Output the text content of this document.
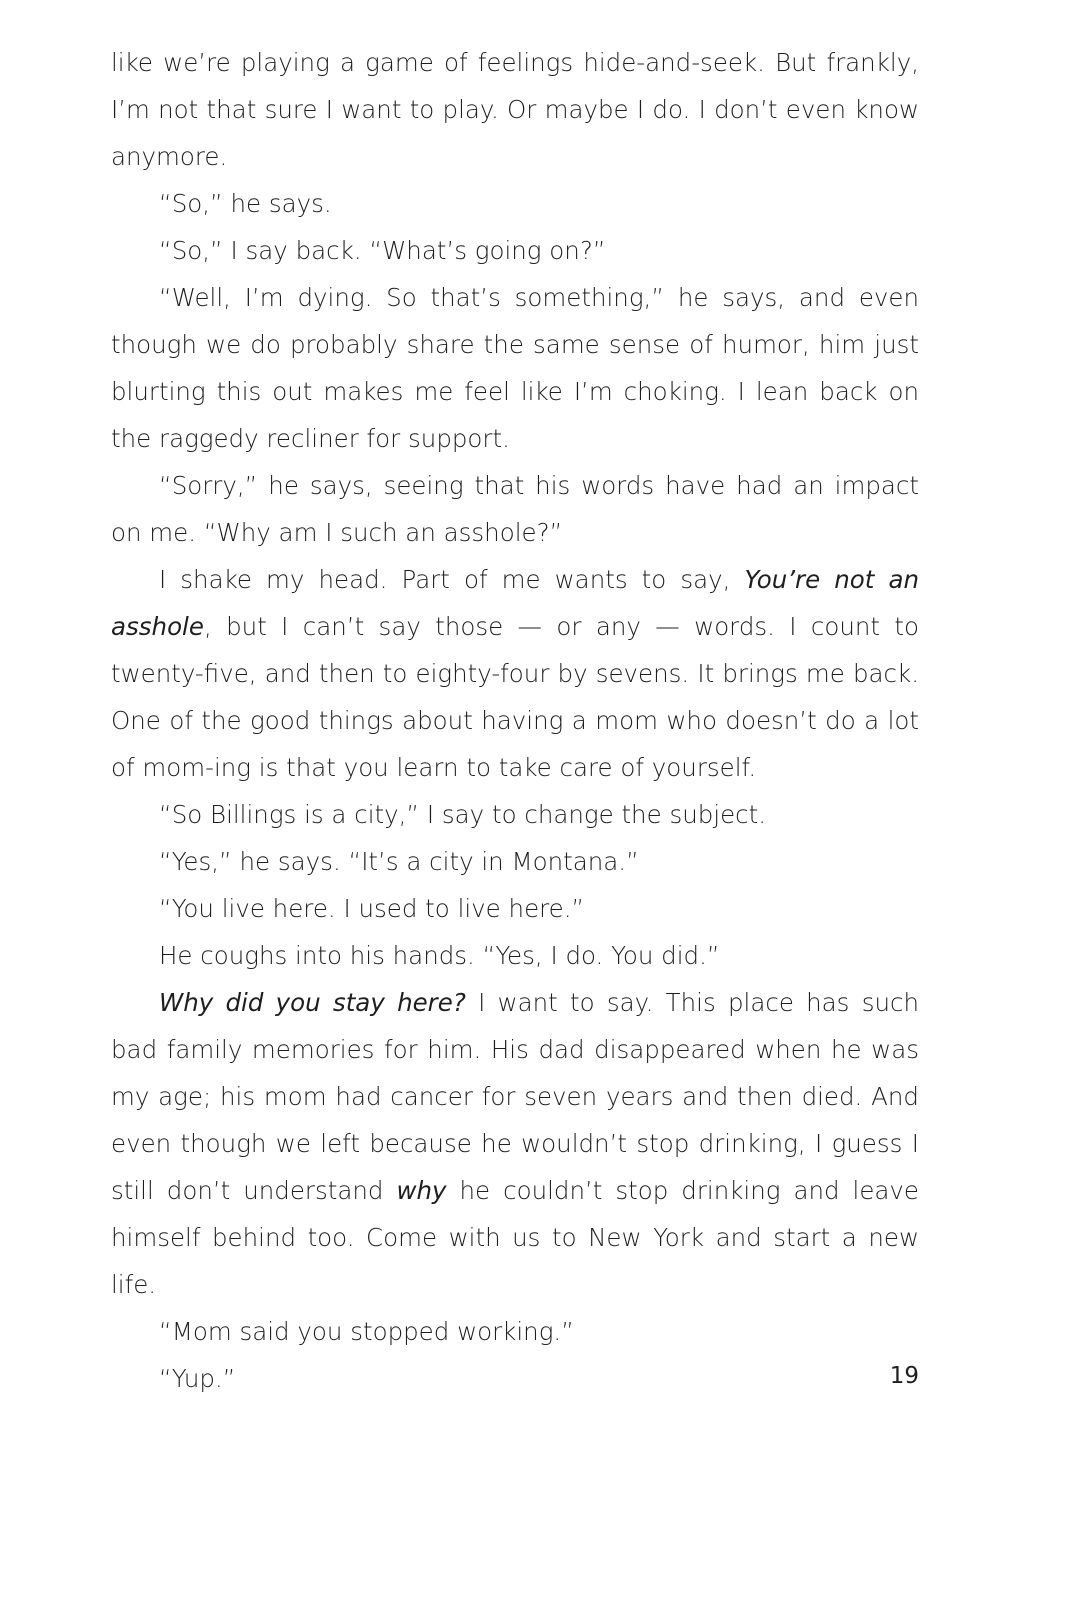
like we’re playing a game of feelings hide-and-seek. But frankly, I’m not that sure I want to play. Or maybe I do. I don’t even know anymore.

“So,” he says.

“So,” I say back. “What’s going on?”

“Well, I’m dying. So that’s something,” he says, and even though we do probably share the same sense of humor, him just blurting this out makes me feel like I’m choking. I lean back on the raggedy recliner for support.

“Sorry,” he says, seeing that his words have had an impact on me. “Why am I such an asshole?”

I shake my head. Part of me wants to say, You’re not an asshole, but I can’t say those — or any — words. I count to twenty-five, and then to eighty-four by sevens. It brings me back. One of the good things about having a mom who doesn’t do a lot of mom-ing is that you learn to take care of yourself.

“So Billings is a city,” I say to change the subject.

“Yes,” he says. “It’s a city in Montana.”

“You live here. I used to live here.”

He coughs into his hands. “Yes, I do. You did.”

Why did you stay here? I want to say. This place has such bad family memories for him. His dad disappeared when he was my age; his mom had cancer for seven years and then died. And even though we left because he wouldn’t stop drinking, I guess I still don’t understand why he couldn’t stop drinking and leave himself behind too. Come with us to New York and start a new life.

“Mom said you stopped working.”

“Yup.”	19
